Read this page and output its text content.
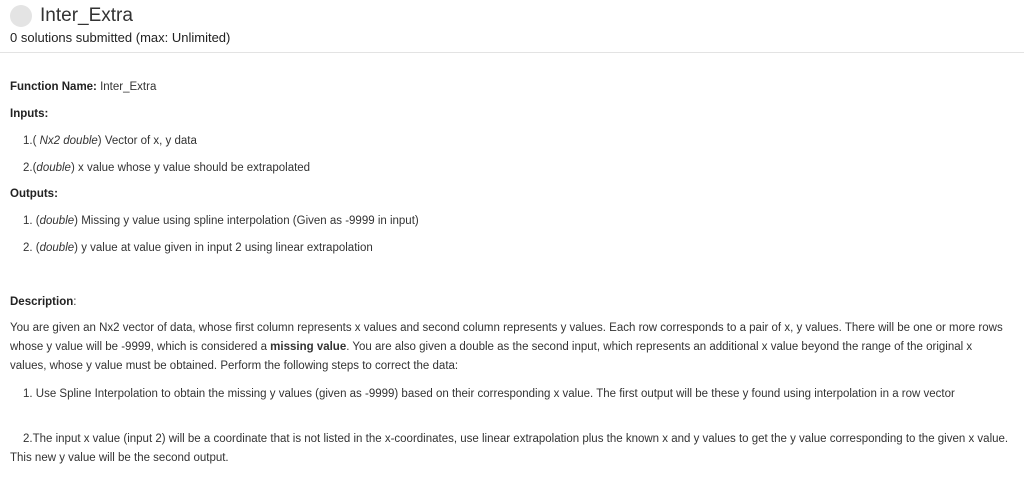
Inter_Extra
0 solutions submitted (max: Unlimited)
Function Name: Inter_Extra
Inputs:
1.( Nx2 double) Vector of x, y data
2.(double) x value whose y value should be extrapolated
Outputs:
1. (double) Missing y value using spline interpolation (Given as -9999 in input)
2. (double) y value at value given in input 2 using linear extrapolation
Description:
You are given an Nx2 vector of data, whose first column represents x values and second column represents y values. Each row corresponds to a pair of x, y values. There will be one or more rows whose y value will be -9999, which is considered a missing value. You are also given a double as the second input, which represents an additional x value beyond the range of the original x values, whose y value must be obtained. Perform the following steps to correct the data:
1. Use Spline Interpolation to obtain the missing y values (given as -9999) based on their corresponding x value. The first output will be these y found using interpolation in a row vector
2.The input x value (input 2) will be a coordinate that is not listed in the x-coordinates, use linear extrapolation plus the known x and y values to get the y value corresponding to the given x value. This new y value will be the second output.
